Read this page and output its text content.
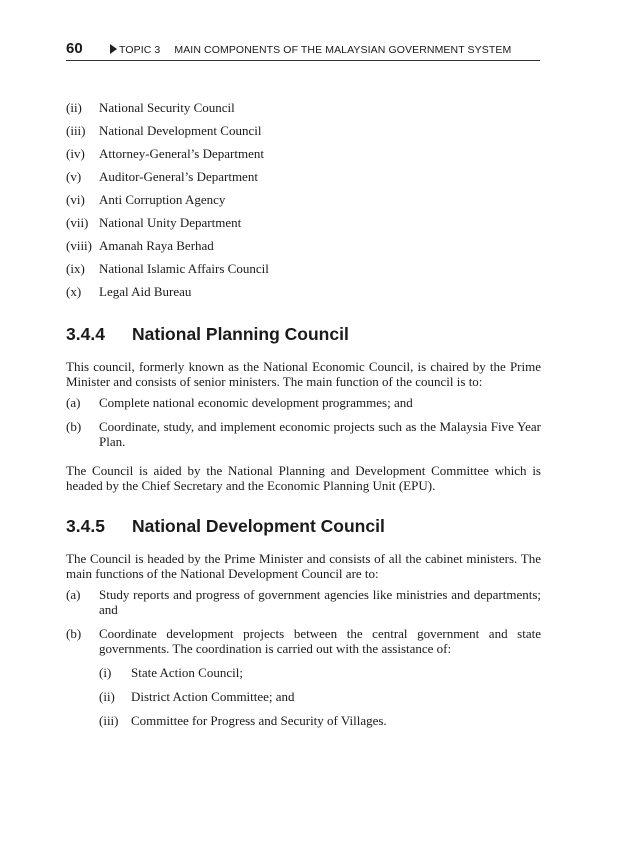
60	TOPIC 3 MAIN COMPONENTS OF THE MALAYSIAN GOVERNMENT SYSTEM
(ii) National Security Council
(iii) National Development Council
(iv) Attorney-General’s Department
(v) Auditor-General’s Department
(vi) Anti Corruption Agency
(vii) National Unity Department
(viii) Amanah Raya Berhad
(ix) National Islamic Affairs Council
(x) Legal Aid Bureau
3.4.4 National Planning Council

This council, formerly known as the National Economic Council, is chaired by the Prime Minister and consists of senior ministers. The main function of the council is to:

(a) Complete national economic development programmes; and
(b) Coordinate, study, and implement economic projects such as the Malaysia Five Year Plan.

The Council is aided by the National Planning and Development Committee which is headed by the Chief Secretary and the Economic Planning Unit (EPU).

3.4.5 National Development Council

The Council is headed by the Prime Minister and consists of all the cabinet ministers. The main functions of the National Development Council are to:

(a) Study reports and progress of government agencies like ministries and departments; and
(b) Coordinate development projects between the central government and state governments. The coordination is carried out with the assistance of:
(i) State Action Council;
(ii) District Action Committee; and
(iii) Committee for Progress and Security of Villages.
